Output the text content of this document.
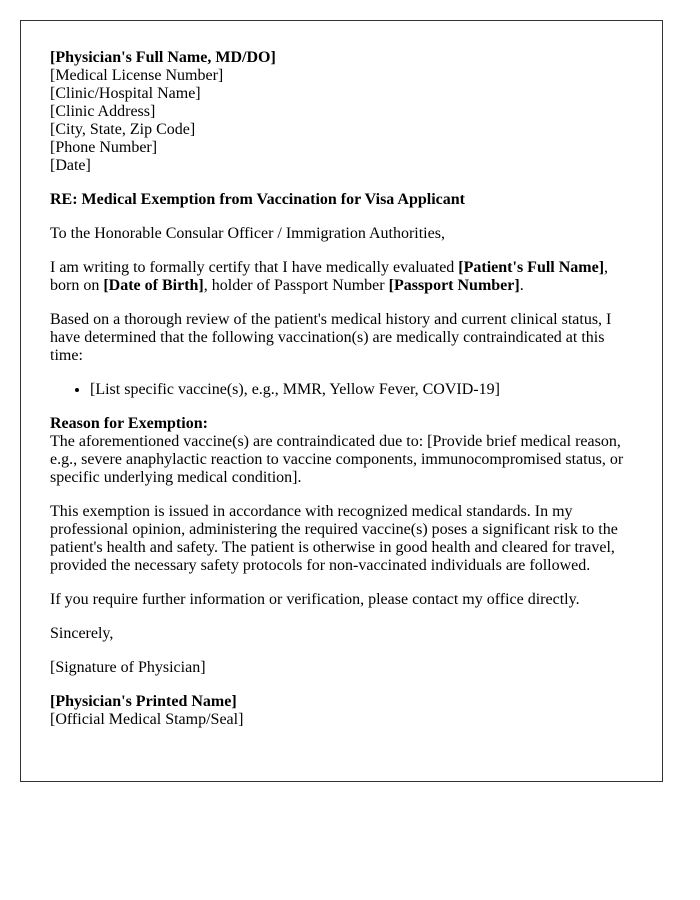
[Physician's Full Name, MD/DO]
[Medical License Number]
[Clinic/Hospital Name]
[Clinic Address]
[City, State, Zip Code]
[Phone Number]
[Date]

RE: Medical Exemption from Vaccination for Visa Applicant

To the Honorable Consular Officer / Immigration Authorities,

I am writing to formally certify that I have medically evaluated [Patient's Full Name], born on [Date of Birth], holder of Passport Number [Passport Number].

Based on a thorough review of the patient's medical history and current clinical status, I have determined that the following vaccination(s) are medically contraindicated at this time:

• [List specific vaccine(s), e.g., MMR, Yellow Fever, COVID-19]

Reason for Exemption:
The aforementioned vaccine(s) are contraindicated due to: [Provide brief medical reason, e.g., severe anaphylactic reaction to vaccine components, immunocompromised status, or specific underlying medical condition].

This exemption is issued in accordance with recognized medical standards. In my professional opinion, administering the required vaccine(s) poses a significant risk to the patient's health and safety. The patient is otherwise in good health and cleared for travel, provided the necessary safety protocols for non-vaccinated individuals are followed.

If you require further information or verification, please contact my office directly.

Sincerely,

[Signature of Physician]

[Physician's Printed Name]
[Official Medical Stamp/Seal]
